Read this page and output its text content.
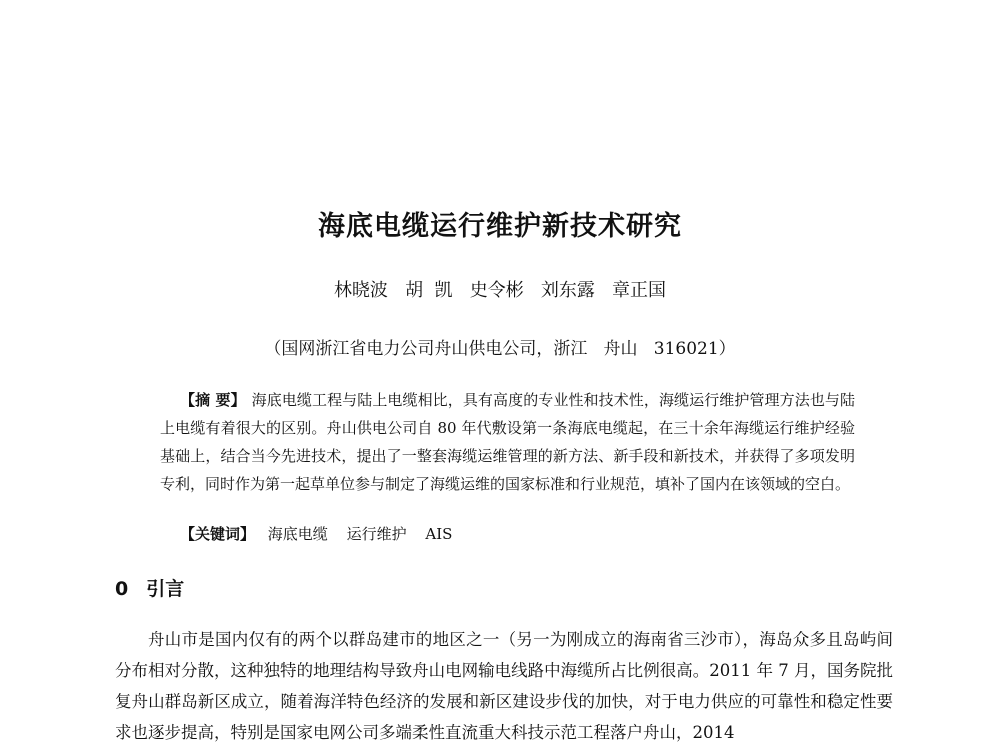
海底电缆运行维护新技术研究
林晓波   胡  凯   史令彬   刘东露   章正国
（国网浙江省电力公司舟山供电公司，浙江   舟山   316021）
【摘 要】 海底电缆工程与陆上电缆相比，具有高度的专业性和技术性，海缆运行维护管理方法也与陆上电缆有着很大的区别。舟山供电公司自 80 年代敷设第一条海底电缆起，在三十余年海缆运行维护经验基础上，结合当今先进技术，提出了一整套海缆运维管理的新方法、新手段和新技术，并获得了多项发明专利，同时作为第一起草单位参与制定了海缆运维的国家标准和行业规范，填补了国内在该领域的空白。
【关键词】 海底电缆 运行维护 AIS
0 引言
舟山市是国内仅有的两个以群岛建市的地区之一（另一为刚成立的海南省三沙市），海岛众多且岛屿间分布相对分散，这种独特的地理结构导致舟山电网输电线路中海缆所占比例很高。2011 年 7 月，国务院批复舟山群岛新区成立，随着海洋特色经济的发展和新区建设步伐的加快，对于电力供应的可靠性和稳定性要求也逐步提高，特别是国家电网公司多端柔性直流重大科技示范工程落户舟山，2014
